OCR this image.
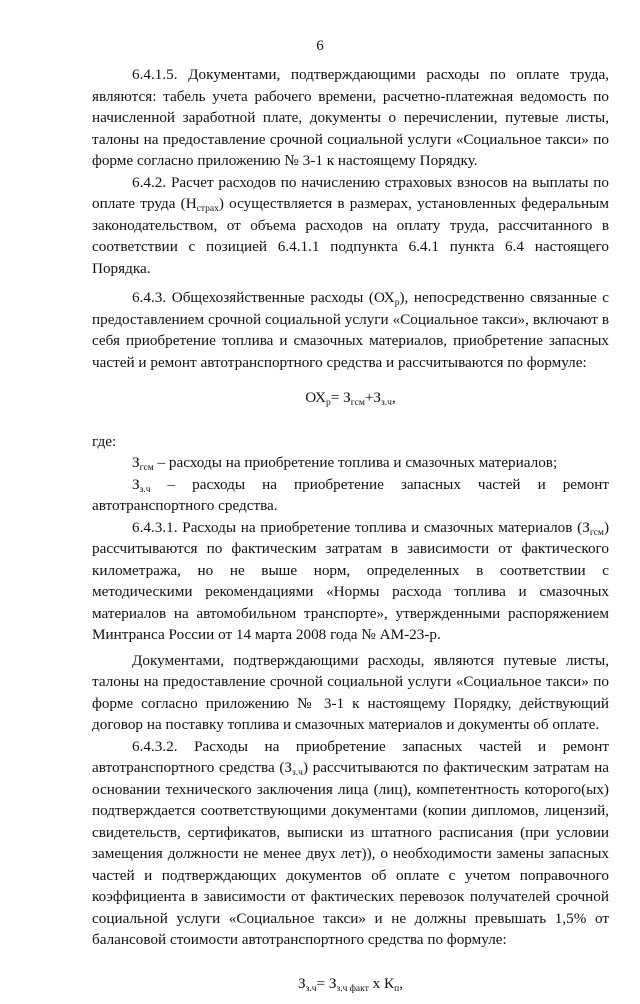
6

6.4.1.5. Документами, подтверждающими расходы по оплате труда, являются: табель учета рабочего времени, расчетно-платежная ведомость по начисленной заработной плате, документы о перечислении, путевые листы, талоны на предоставление срочной социальной услуги «Социальное такси» по форме согласно приложению № 3-1 к настоящему Порядку.

6.4.2. Расчет расходов по начислению страховых взносов на выплаты по оплате труда $(Н_{страх})$ осуществляется в размерах, установленных федеральным законодательством, от объема расходов на оплату труда, рассчитанного в соответствии с позицией 6.4.1.1 подпункта 6.4.1 пункта 6.4 настоящего Порядка.

6.4.3. Общехозяйственные расходы $(ОХ_р)$, непосредственно связанные с предоставлением срочной социальной услуги «Социальное такси», включают в себя приобретение топлива и смазочных материалов, приобретение запасных частей и ремонт автотранспортного средства и рассчитываются по формуле:

$ОХ_р= З_{гсм}+З_{з.ч}$,

где:

$З_{гсм}$ – расходы на приобретение топлива и смазочных материалов;

$З_{з.ч}$ – расходы на приобретение запасных частей и ремонт автотранспортного средства.

6.4.3.1. Расходы на приобретение топлива и смазочных материалов $(З_{гсм})$ рассчитываются по фактическим затратам в зависимости от фактического километража, но не выше норм, определенных в соответствии с методическими рекомендациями «Нормы расхода топлива и смазочных материалов на автомобильном транспорте», утвержденными распоряжением Минтранса России от 14 марта 2008 года № АМ-23-р.

Документами, подтверждающими расходы, являются путевые листы, талоны на предоставление срочной социальной услуги «Социальное такси» по форме согласно приложению № 3-1 к настоящему Порядку, действующий договор на поставку топлива и смазочных материалов и документы об оплате.

6.4.3.2. Расходы на приобретение запасных частей и ремонт автотранспортного средства $(З_{з.ч})$ рассчитываются по фактическим затратам на основании технического заключения лица (лиц), компетентность которого(ых) подтверждается соответствующими документами (копии дипломов, лицензий, свидетельств, сертификатов, выписки из штатного расписания (при условии замещения должности не менее двух лет)), о необходимости замены запасных частей и подтверждающих документов об оплате с учетом поправочного коэффициента в зависимости от фактических перевозок получателей срочной социальной услуги «Социальное такси» и не должны превышать 1,5% от балансовой стоимости автотранспортного средства по формуле:

$З_{з.ч}= З_{з.ч факт}$ х $К_п$,
